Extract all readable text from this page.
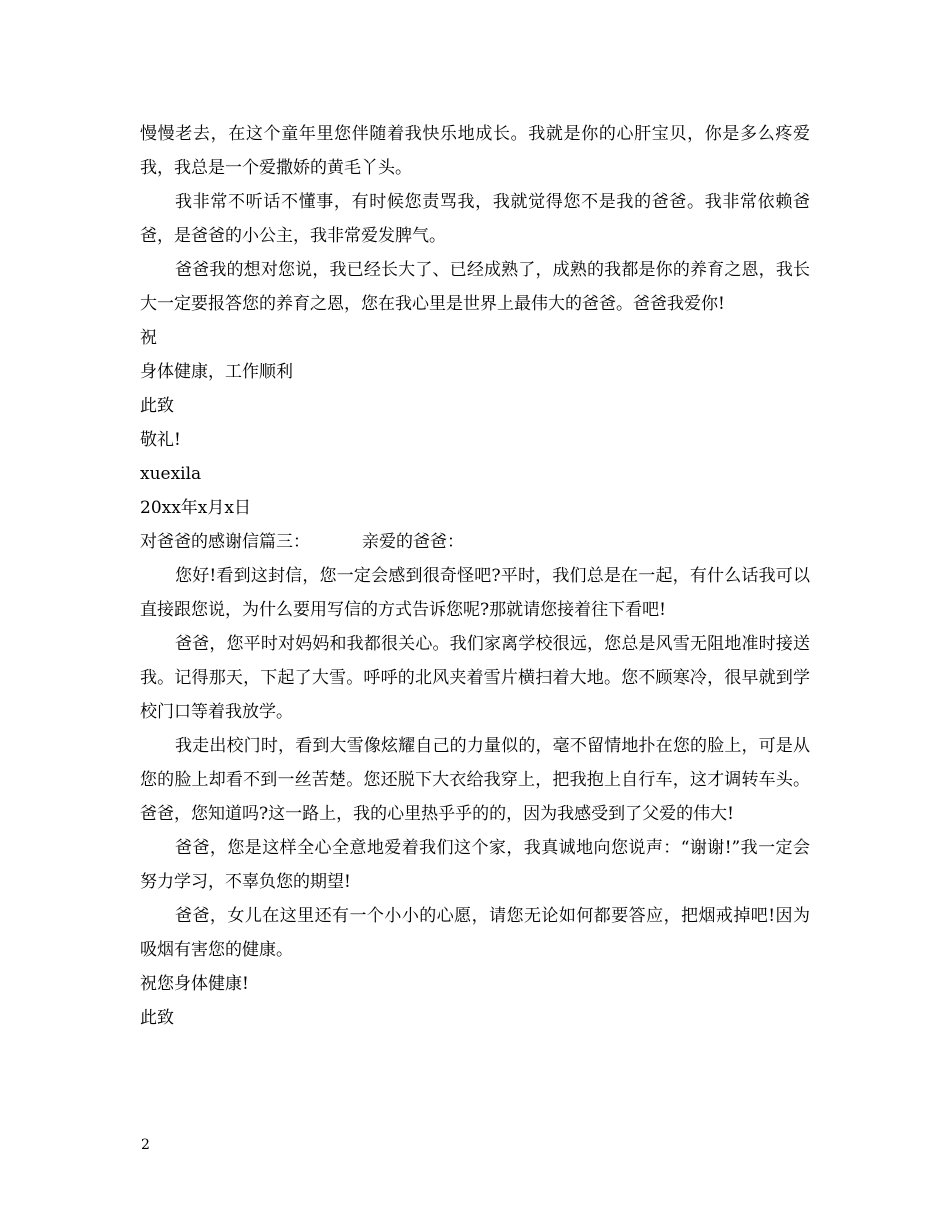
慢慢老去，在这个童年里您伴随着我快乐地成长。我就是你的心肝宝贝，你是多么疼爱我，我总是一个爱撒娇的黄毛丫头。

我非常不听话不懂事，有时候您责骂我，我就觉得您不是我的爸爸。我非常依赖爸爸，是爸爸的小公主，我非常爱发脾气。

爸爸我的想对您说，我已经长大了、已经成熟了，成熟的我都是你的养育之恩，我长大一定要报答您的养育之恩，您在我心里是世界上最伟大的爸爸。爸爸我爱你!

祝

身体健康，工作顺利

此致

敬礼!

xuexila

20xx年x月x日

对爸爸的感谢信篇三：	亲爱的爸爸：

您好!看到这封信，您一定会感到很奇怪吧?平时，我们总是在一起，有什么话我可以直接跟您说，为什么要用写信的方式告诉您呢?那就请您接着往下看吧!

爸爸，您平时对妈妈和我都很关心。我们家离学校很远，您总是风雪无阻地准时接送我。记得那天，下起了大雪。呼呼的北风夹着雪片横扫着大地。您不顾寒冷，很早就到学校门口等着我放学。

我走出校门时，看到大雪像炫耀自己的力量似的，毫不留情地扑在您的脸上，可是从您的脸上却看不到一丝苦楚。您还脱下大衣给我穿上，把我抱上自行车，这才调转车头。爸爸，您知道吗?这一路上，我的心里热乎乎的的，因为我感受到了父爱的伟大!

爸爸，您是这样全心全意地爱着我们这个家，我真诚地向您说声：“谢谢!”我一定会努力学习，不辜负您的期望!

爸爸，女儿在这里还有一个小小的心愿，请您无论如何都要答应，把烟戒掉吧!因为吸烟有害您的健康。

祝您身体健康!

此致

2
